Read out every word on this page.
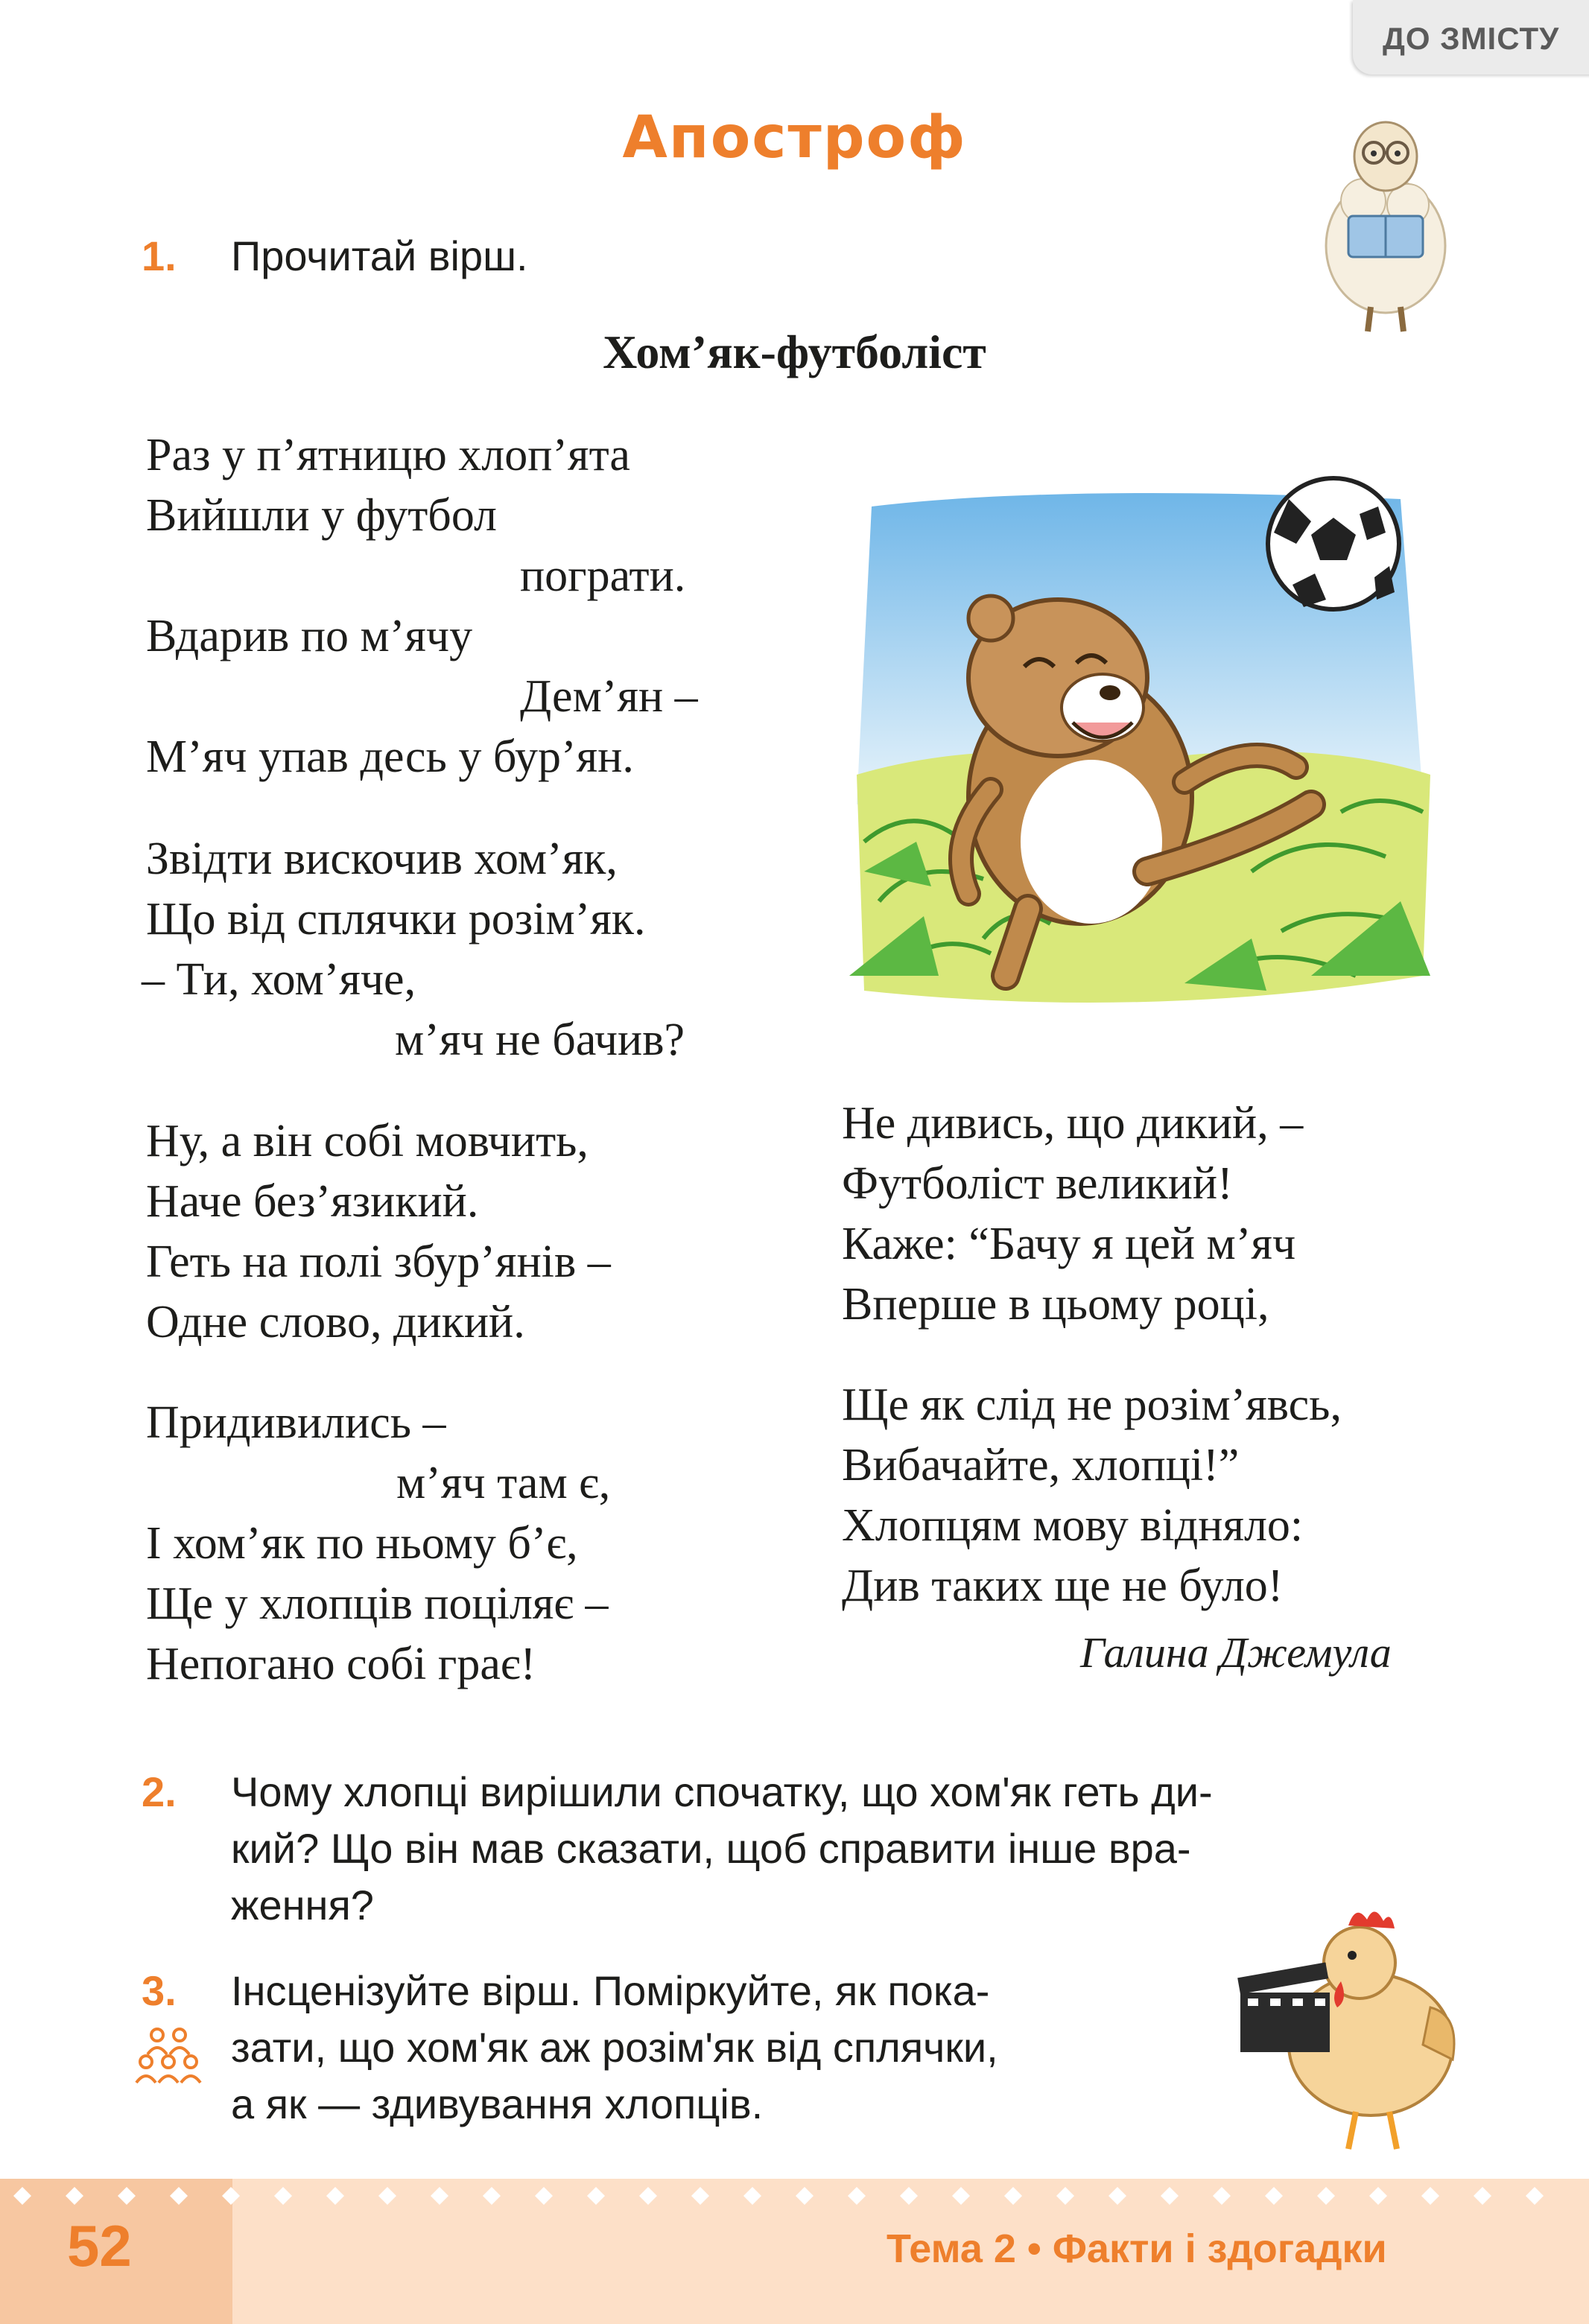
ДО ЗМІСТУ
Апостроф
1. Прочитай вірш.
Хом’як-футболіст
Раз у п’ятницю хлоп’ята
Вийшли у футбол
пограти.
Вдарив по м’ячу
Дем’ян –
М’яч упав десь у бур’ян.
Звідти вискочив хом’як,
Що від сплячки розім’як.
– Ти, хом’яче,
м’яч не бачив?
Ну, а він собі мовчить,
Наче без’язикий.
Геть на полі збур’янів –
Одне слово, дикий.
Придивились –
м’яч там є,
І хом’як по ньому б’є,
Ще у хлопців поціляє –
Непогано собі грає!
Не дивись, що дикий, –
Футболіст великий!
Каже: “Бачу я цей м’яч
Вперше в цьому році,
Ще як слід не розім’явсь,
Вибачайте, хлопці!”
Хлопцям мову відняло:
Див таких ще не було!
Галина Джемула
2. Чому хлопці вирішили спочатку, що хом'як геть ди-
кий? Що він мав сказати, щоб справити інше вра-
ження?
3. Інсценізуйте вірш. Поміркуйте, як пока-
зати, що хом'як аж розім'як від сплячки,
а як — здивування хлопців.
52	Тема 2 • Факти і здогадки
